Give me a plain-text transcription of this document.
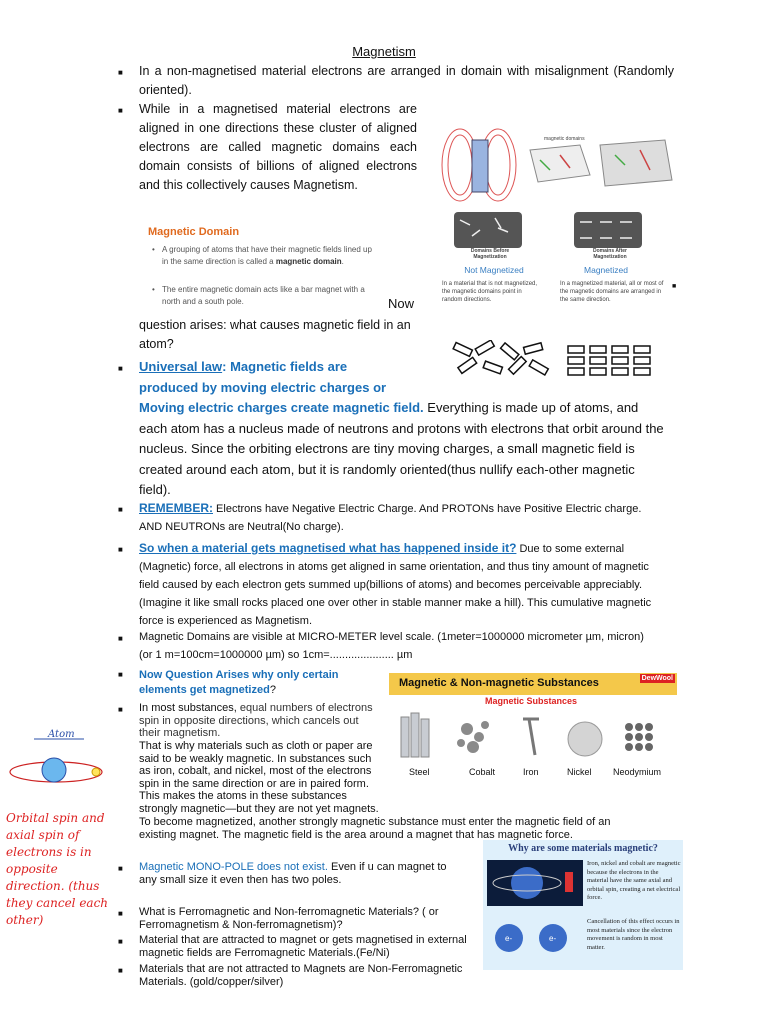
Magnetism
■ In a non-magnetised material electrons are arranged in domain with misalignment (Randomly oriented).
■ While in a magnetised material electrons are aligned in one directions these cluster of aligned electrons are called magnetic domains each domain consists of billions of aligned electrons and this collectively causes Magnetism.
Magnetic Domain
• A grouping of atoms that have their magnetic fields lined up in the same direction is called a magnetic domain.
• The entire magnetic domain acts like a bar magnet with a north and a south pole.	Now
question arises: what causes magnetic field in an atom?
magnetic domains
Domains Before Magnetization
Domains After Magnetization
Not Magnetized	Magnetized
In a material that is not magnetized, the magnetic domains point in random directions.
In a magnetized material, all or most of the magnetic domains are arranged in the same direction.
■
■ Universal law: Magnetic fields are produced by moving electric charges or
Moving electric charges create magnetic field. Everything is made up of atoms, and each atom has a nucleus made of neutrons and protons with electrons that orbit around the nucleus. Since the orbiting electrons are tiny moving charges, a small magnetic field is created around each atom, but it is randomly oriented(thus nullify each-other magnetic field).
■ REMEMBER: Electrons have Negative Electric Charge. And PROTONs have Positive Electric charge. AND NEUTRONs are Neutral(No charge).
■ So when a material gets magnetised what has happened inside it? Due to some external (Magnetic) force, all electrons in atoms get aligned in same orientation, and thus tiny amount of magnetic field caused by each electron gets summed up(billions of atoms) and becomes perceivable appreciably. (Imagine it like small rocks placed one over other in stable manner make a hill). This cumulative magnetic force is experienced as Magnetism.
■ Magnetic Domains are visible at MICRO-METER level scale. (1meter=1000000 micrometer µm, micron) (or 1 m=100cm=1000000 µm) so 1cm=..................... µm
■ Now Question Arises why only certain elements get magnetized?
Magnetic & Non-magnetic Substances	DewWool
Magnetic Substances
Steel	Cobalt	Iron	Nickel Neodymium
■ In most substances, equal numbers of electrons spin in opposite directions, which cancels out their magnetism.
That is why materials such as cloth or paper are said to be weakly magnetic. In substances such as iron, cobalt, and nickel, most of the electrons spin in the same direction or are in paired form. This makes the atoms in these substances strongly magnetic—but they are not yet magnets.
To become magnetized, another strongly magnetic substance must enter the magnetic field of an existing magnet. The magnetic field is the area around a magnet that has magnetic force.
■ Magnetic MONO-POLE does not exist. Even if u can magnet to any small size it even then has two poles.
Why are some materials magnetic?
e-	e-
Iron, nickel and cobalt are magnetic because the electrons in the material have the same axial and orbital spin, creating a net electrical force.
Cancellation of this effect occurs in most materials since the electron movement is random in most matter.
■ What is Ferromagnetic and Non-ferromagnetic Materials? ( or Ferromagnetism & Non-ferromagnetism)?
■ Material that are attracted to magnet or gets magnetised in external magnetic fields are Ferromagnetic Materials.(Fe/Ni)
■ Materials that are not attracted to Magnets are Non-Ferromagnetic Materials. (gold/copper/silver)
Atom
Orbital spin and axial spin of electrons is in opposite direction. (thus they cancel each other)
